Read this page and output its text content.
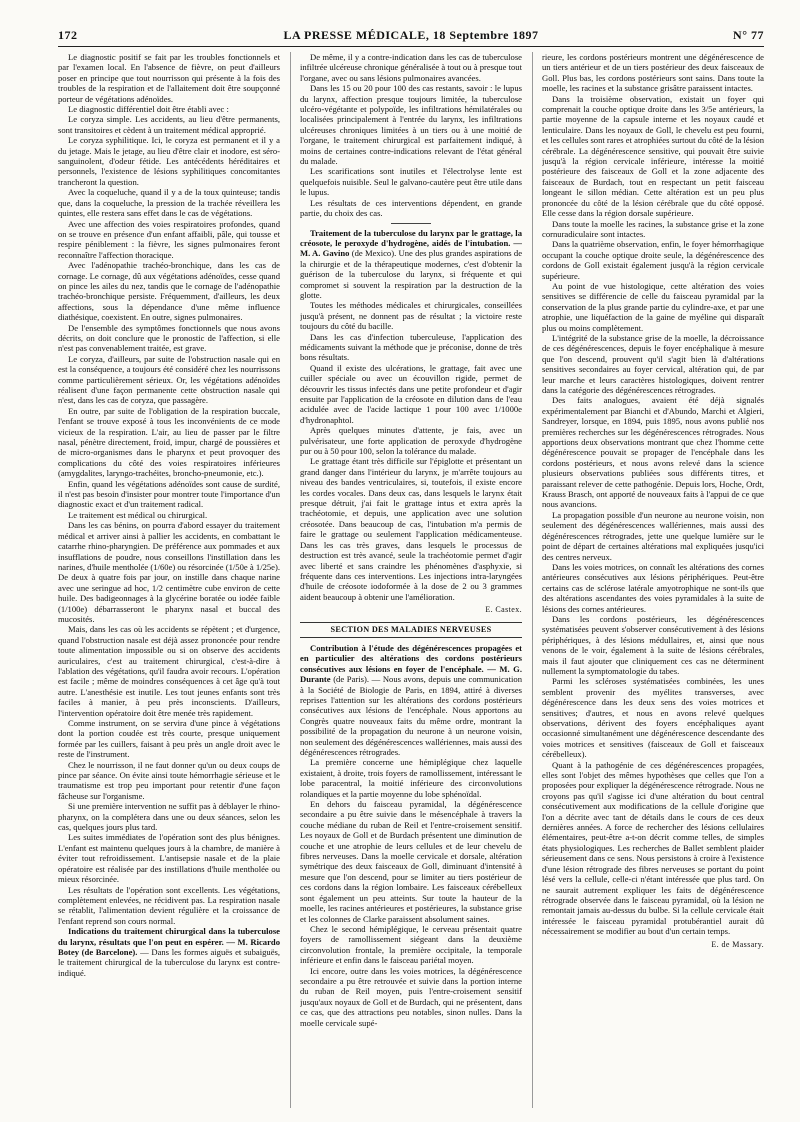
172	LA PRESSE MÉDICALE, 18 Septembre 1897	N° 77

Le diagnostic positif se fait par les troubles fonctionnels et par l'examen local. En l'absence de fièvre, on peut d'ailleurs poser en principe que tout nourrisson qui présente à la fois des troubles de la respiration et de l'allaitement doit être soupçonné porteur de végétations adénoïdes.

Le diagnostic différentiel doit être établi avec :

Le coryza simple. Les accidents, au lieu d'être permanents, sont transitoires et cèdent à un traitement médical approprié.

Le coryza syphilitique. Ici, le coryza est permanent et il y a du jetage. Mais le jetage, au lieu d'être clair et inodore, est séro-sanguinolent, d'odeur fétide. Les antécédents héréditaires et personnels, l'existence de lésions syphilitiques concomitantes trancheront la question.

Avec la coqueluche, quand il y a de la toux quinteuse; tandis que, dans la coqueluche, la pression de la trachée réveillera les quintes, elle restera sans effet dans le cas de végétations.

Avec une affection des voies respiratoires profondes, quand on se trouve en présence d'un enfant affaibli, pâle, qui tousse et respire péniblement : la fièvre, les signes pulmonaires feront reconnaître l'affection thoracique.

Avec l'adénopathie trachéo-bronchique, dans les cas de cornage. Le cornage, dû aux végétations adénoïdes, cesse quand on pince les ailes du nez, tandis que le cornage de l'adénopathie trachéo-bronchique persiste. Fréquemment, d'ailleurs, les deux affections, sous la dépendance d'une même influence diathésique, coexistent. En outre, signes pulmonaires.

De l'ensemble des symptômes fonctionnels que nous avons décrits, on doit conclure que le pronostic de l'affection, si elle n'est pas convenablement traitée, est grave.

Le coryza, d'ailleurs, par suite de l'obstruction nasale qui en est la conséquence, a toujours été considéré chez les nourrissons comme particulièrement sérieux. Or, les végétations adénoïdes réalisent d'une façon permanente cette obstruction nasale qui n'est, dans les cas de coryza, que passagère.

En outre, par suite de l'obligation de la respiration buccale, l'enfant se trouve exposé à tous les inconvénients de ce mode vicieux de la respiration. L'air, au lieu de passer par le filtre nasal, pénètre directement, froid, impur, chargé de poussières et de micro-organismes dans le pharynx et peut provoquer des complications du côté des voies respiratoires inférieures (amygdalites, laryngo-trachéites, broncho-pneumonie, etc.).

Enfin, quand les végétations adénoïdes sont cause de surdité, il n'est pas besoin d'insister pour montrer toute l'importance d'un diagnostic exact et d'un traitement radical.

Le traitement est médical ou chirurgical.

Dans les cas bénins, on pourra d'abord essayer du traitement médical et arriver ainsi à pallier les accidents, en combattant le catarrhe rhino-pharyngien. De préférence aux pommades et aux insufflations de poudre, nous conseillons l'instillation dans les narines, d'huile mentholée (1/60e) ou résorcinée (1/50e à 1/25e). De deux à quatre fois par jour, on instille dans chaque narine avec une seringue ad hoc, 1/2 centimètre cube environ de cette huile. Des badigeonnages à la glycérine boratée ou iodée faible (1/100e) débarrasseront le pharynx nasal et buccal des mucosités.

Mais, dans les cas où les accidents se répètent ; et d'urgence, quand l'obstruction nasale est déjà assez prononcée pour rendre toute alimentation impossible ou si on observe des accidents auriculaires, c'est au traitement chirurgical, c'est-à-dire à l'ablation des végétations, qu'il faudra avoir recours. L'opération est facile ; même de moindres conséquences à cet âge qu'à tout autre. L'anesthésie est inutile. Les tout jeunes enfants sont très faciles à manier, à peu près inconscients. D'ailleurs, l'intervention opératoire doit être menée très rapidement.

Comme instrument, on se servira d'une pince à végétations dont la portion coudée est très courte, presque uniquement formée par les cuillers, faisant à peu près un angle droit avec le reste de l'instrument.

Chez le nourrisson, il ne faut donner qu'un ou deux coups de pince par séance. On évite ainsi toute hémorrhagie sérieuse et le traumatisme est trop peu important pour retentir d'une façon fâcheuse sur l'organisme.

Si une première intervention ne suffit pas à déblayer le rhino-pharynx, on la complétera dans une ou deux séances, selon les cas, quelques jours plus tard.

Les suites immédiates de l'opération sont des plus bénignes. L'enfant est maintenu quelques jours à la chambre, de manière à éviter tout refroidissement. L'antisepsie nasale et de la plaie opératoire est réalisée par des instillations d'huile mentholée ou mieux résorcinée.

Les résultats de l'opération sont excellents. Les végétations, complètement enlevées, ne récidivent pas. La respiration nasale se rétablit, l'alimentation devient régulière et la croissance de l'enfant reprend son cours normal.

Indications du traitement chirurgical dans la tuberculose du larynx, résultats que l'on peut en espérer. — M. Ricardo Botey (de Barcelone). — Dans les formes aiguës et subaiguës, le traitement chirurgical de la tuberculose du larynx est contre-indiqué.

De même, il y a contre-indication dans les cas de tuberculose infiltrée ulcéreuse chronique généralisée à tout ou à presque tout l'organe, avec ou sans lésions pulmonaires avancées.

Dans les 15 ou 20 pour 100 des cas restants, savoir : le lupus du larynx, affection presque toujours limitée, la tuberculose ulcéro-végétante et polypoïde, les infiltrations hémilatérales ou localisées principalement à l'entrée du larynx, les infiltrations ulcéreuses chroniques limitées à un tiers ou à une moitié de l'organe, le traitement chirurgical est parfaitement indiqué, à moins de certaines contre-indications relevant de l'état général du malade.

Les scarifications sont inutiles et l'électrolyse lente est quelquefois nuisible. Seul le galvano-cautère peut être utile dans le lupus.

Les résultats de ces interventions dépendent, en grande partie, du choix des cas.

Traitement de la tuberculose du larynx par le grattage, la créosote, le peroxyde d'hydrogène, aidés de l'intubation. — M. A. Gavino (de Mexico). Une des plus grandes aspirations de la chirurgie et de la thérapeutique modernes, c'est d'obtenir la guérison de la tuberculose du larynx, si fréquente et qui compromet si souvent la respiration par la destruction de la glotte.

Toutes les méthodes médicales et chirurgicales, conseillées jusqu'à présent, ne donnent pas de résultat ; la victoire reste toujours du côté du bacille.

Dans les cas d'infection tuberculeuse, l'application des médicaments suivant la méthode que je préconise, donne de très bons résultats.

Quand il existe des ulcérations, le grattage, fait avec une cuiller spéciale ou avec un écouvillon rigide, permet de découvrir les tissus infectés dans une petite profondeur et d'agir ensuite par l'application de la créosote en dilution dans de l'eau acidulée avec de l'acide lactique 1 pour 100 avec 1/1000e d'hydronaphtol.

Après quelques minutes d'attente, je fais, avec un pulvérisateur, une forte application de peroxyde d'hydrogène pur ou à 50 pour 100, selon la tolérance du malade.

Le grattage étant très difficile sur l'épiglotte et présentant un grand danger dans l'intérieur du larynx, je m'arrête toujours au niveau des bandes ventriculaires, si, toutefois, il existe encore les cordes vocales. Dans deux cas, dans lesquels le larynx était presque détruit, j'ai fait le grattage intus et extra après la trachéotomie, et depuis, une application avec une solution créosotée. Dans beaucoup de cas, l'intubation m'a permis de faire le grattage ou seulement l'application médicamenteuse. Dans les cas très graves, dans lesquels le processus de destruction est très avancé, seule la trachéotomie permet d'agir avec liberté et sans craindre les phénomènes d'asphyxie, si fréquente dans ces interventions. Les injections intra-laryngées d'huile de créosote iodoformée à la dose de 2 ou 3 grammes aident beaucoup à obtenir une l'amélioration.

E. Castex.
SECTION DES MALADIES NERVEUSES

Contribution à l'étude des dégénérescences propagées et en particulier des altérations des cordons postérieurs consécutives aux lésions en foyer de l'encéphale. — M. G. Durante (de Paris). — Nous avons, depuis une communication à la Société de Biologie de Paris, en 1894, attiré à diverses reprises l'attention sur les altérations des cordons postérieurs consécutives aux lésions de l'encéphale. Nous apportons au Congrès quatre nouveaux faits du même ordre, montrant la possibilité de la propagation du neurone à un neurone voisin, non seulement des dégénérescences wallériennes, mais aussi des dégénérescences rétrogrades.

La première concerne une hémiplégique chez laquelle existaient, à droite, trois foyers de ramollissement, intéressant le lobe paracentral, la moitié inférieure des circonvolutions rolandiques et la partie moyenne du lobe sphénoïdal.

En dehors du faisceau pyramidal, la dégénérescence secondaire a pu être suivie dans le mésencéphale à travers la couche médiane du ruban de Reil et l'entre-croisement sensitif. Les noyaux de Goll et de Burdach présentent une diminution de couche et une atrophie de leurs cellules et de leur chevelu de fibres nerveuses. Dans la moelle cervicale et dorsale, altération symétrique des deux faisceaux de Goll, diminuant d'intensité à mesure que l'on descend, pour se limiter au tiers postérieur de ces cordons dans la région lombaire. Les faisceaux cérébelleux sont également un peu atteints. Sur toute la hauteur de la moelle, les racines antérieures et postérieures, la substance grise et les colonnes de Clarke paraissent absolument saines.

Chez le second hémiplégique, le cerveau présentait quatre foyers de ramollissement siégeant dans la deuxième circonvolution frontale, la première occipitale, la temporale inférieure et enfin dans le faisceau pariétal moyen.

Ici encore, outre dans les voies motrices, la dégénérescence secondaire a pu être retrouvée et suivie dans la portion interne du ruban de Reil moyen, puis l'entre-croisement sensitif jusqu'aux noyaux de Goll et de Burdach, qui ne présentent, dans ce cas, que des attractions peu notables, sinon nulles. Dans la moelle cervicale supé-

rieure, les cordons postérieurs montrent une dégénérescence de un tiers antérieur et de un tiers postérieur des deux faisceaux de Goll. Plus bas, les cordons postérieurs sont sains. Dans toute la moelle, les racines et la substance grisâtre paraissent intactes.

Dans la troisième observation, existait un foyer qui comprenait la couche optique droite dans les 3/5e antérieurs, la partie moyenne de la capsule interne et les noyaux caudé et lenticulaire. Dans les noyaux de Goll, le chevelu est peu fourni, et les cellules sont rares et atrophiées surtout du côté de la lésion cérébrale. La dégénérescence sensitive, qui pouvait être suivie jusqu'à la région cervicale inférieure, intéresse la moitié postérieure des faisceaux de Goll et la zone adjacente des faisceaux de Burdach, tout en respectant un petit faisceau longeant le sillon médian. Cette altération est un peu plus prononcée du côté de la lésion cérébrale que du côté opposé. Elle cesse dans la région dorsale supérieure.

Dans toute la moelle les racines, la substance grise et la zone cornuradiculaire sont intactes.

Dans la quatrième observation, enfin, le foyer hémorrhagique occupant la couche optique droite seule, la dégénérescence des cordons de Goll existait également jusqu'à la région cervicale supérieure.

Au point de vue histologique, cette altération des voies sensitives se différencie de celle du faisceau pyramidal par la conservation de la plus grande partie du cylindre-axe, et par une atrophie, une liquéfaction de la gaine de myéline qui disparaît plus ou moins complètement.

L'intégrité de la substance grise de la moelle, la décroissance de ces dégénérescences, depuis le foyer encéphalique à mesure que l'on descend, prouvent qu'il s'agit bien là d'altérations sensitives secondaires au foyer cervical, altération qui, de par leur marche et leurs caractères histologiques, doivent rentrer dans la catégorie des dégénérescences rétrogrades.

Des faits analogues, avaient été déjà signalés expérimentalement par Bianchi et d'Abundo, Marchi et Algieri, Sandreyer, lorsque, en 1894, puis 1895, nous avons publié nos premières recherches sur les dégénérescences rétrogrades. Nous apportions deux observations montrant que chez l'homme cette dégénérescence pouvait se propager de l'encéphale dans les cordons postérieurs, et nous avons relevé dans la science plusieurs observations publiées sous différents titres, et paraissant relever de cette pathogénie. Depuis lors, Hoche, Ordt, Krauss Brasch, ont apporté de nouveaux faits à l'appui de ce que nous avancions.

La propagation possible d'un neurone au neurone voisin, non seulement des dégénérescences wallériennes, mais aussi des dégénérescences rétrogrades, jette une quelque lumière sur le point de départ de certaines altérations mal expliquées jusqu'ici des centres nerveux.

Dans les voies motrices, on connaît les altérations des cornes antérieures consécutives aux lésions périphériques. Peut-être certains cas de sclérose latérale amyotrophique ne sont-ils que des altérations ascendantes des voies pyramidales à la suite de lésions des cornes antérieures.

Dans les cordons postérieurs, les dégénérescences systématisées peuvent s'observer consécutivement à des lésions périphériques, à des lésions médullaires, et, ainsi que nous venons de le voir, également à la suite de lésions cérébrales, mais il faut ajouter que cliniquement ces cas ne déterminent nullement la symptomatologie du tabes.

Parmi les scléroses systématisées combinées, les unes semblent provenir des myélites transverses, avec dégénérescence dans les deux sens des voies motrices et sensitives; d'autres, et nous en avons relevé quelques observations, dérivent des foyers encéphaliques ayant occasionné simultanément une dégénérescence descendante des voies motrices et sensitives (faisceaux de Goll et faisceaux cérébelleux).

Quant à la pathogénie de ces dégénérescences propagées, elles sont l'objet des mêmes hypothèses que celles que l'on a proposées pour expliquer la dégénérescence rétrograde. Nous ne croyons pas qu'il s'agisse ici d'une altération du bout central consécutivement aux modifications de la cellule d'origine que l'on a décrite avec tant de détails dans le cours de ces deux dernières années. A force de rechercher des lésions cellulaires élémentaires, peut-être a-t-on décrit comme telles, de simples états physiologiques. Les recherches de Ballet semblent plaider sérieusement dans ce sens. Nous persistons à croire à l'existence d'une lésion rétrograde des fibres nerveuses se portant du point lésé vers la cellule, celle-ci n'étant intéressée que plus tard. On ne saurait autrement expliquer les faits de dégénérescence rétrograde observée dans le faisceau pyramidal, où la lésion ne remontait jamais au-dessus du bulbe. Si la cellule cervicale était intéressée le faisceau pyramidal protubérantiel aurait dû nécessairement se modifier au bout d'un certain temps.

E. de Massary.
